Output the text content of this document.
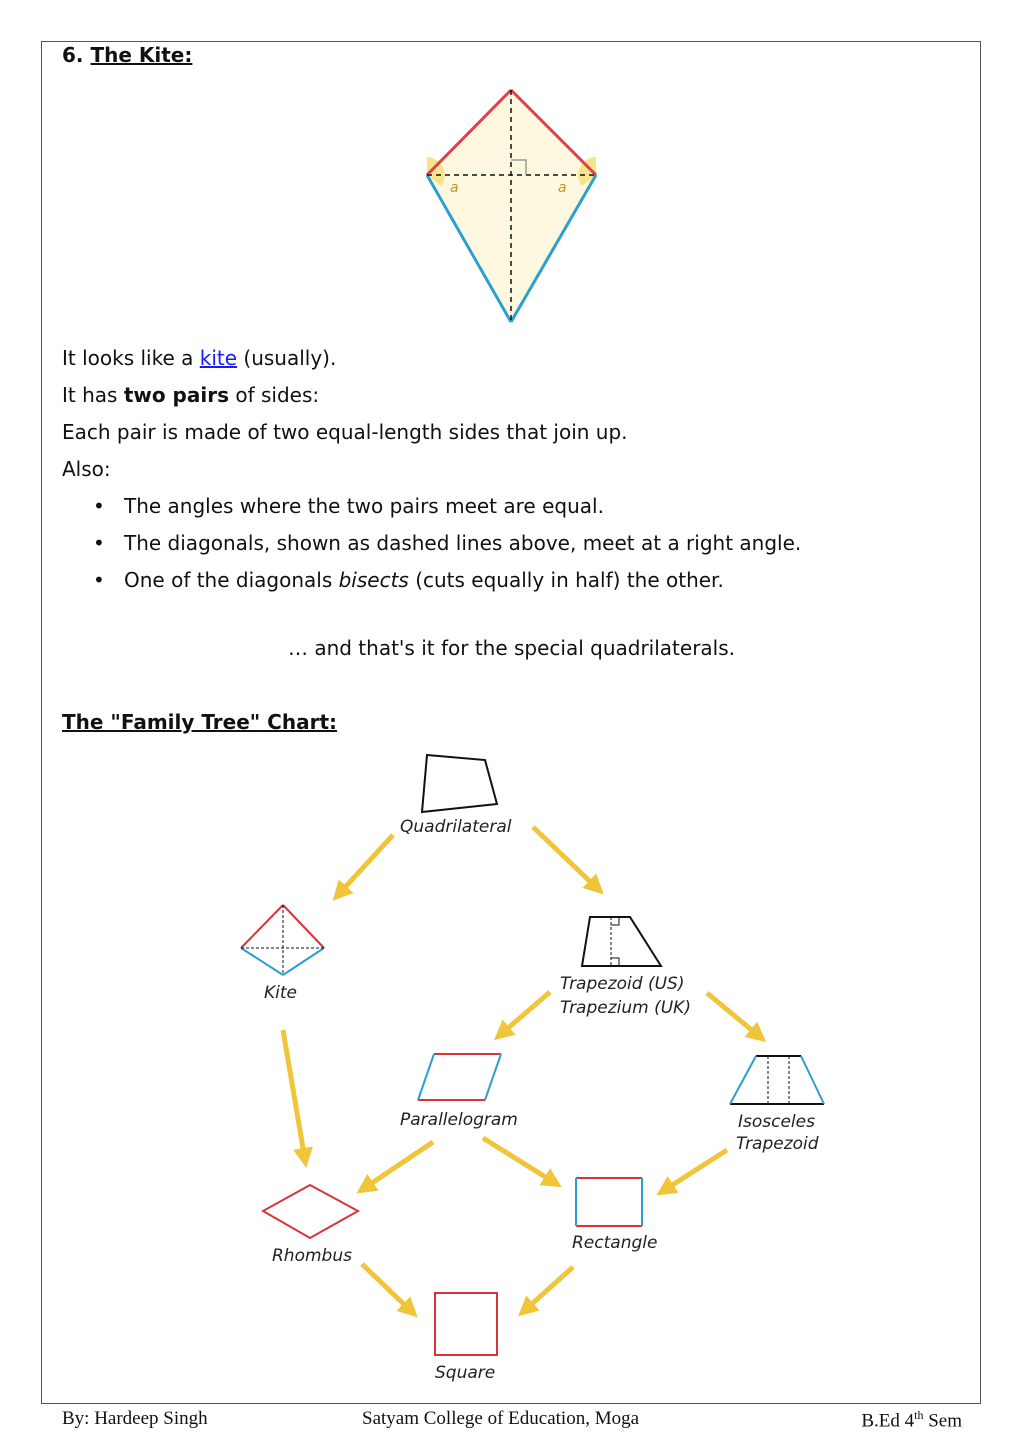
6. The Kite:
a	a

It looks like a kite (usually).

It has two pairs of sides:

Each pair is made of two equal-length sides that join up.

Also:

• The angles where the two pairs meet are equal.
• The diagonals, shown as dashed lines above, meet at a right angle.
• One of the diagonals bisects (cuts equally in half) the other.
… and that's it for the special quadrilaterals.
The "Family Tree" Chart:
Quadrilateral
Kite	Trapezoid (US)
Trapezium (UK)
Parallelogram	Isosceles
Trapezoid
Rhombus
Rectangle
Square
By: Hardeep Singh	Satyam College of Education, Moga	B.Ed 4th Sem
